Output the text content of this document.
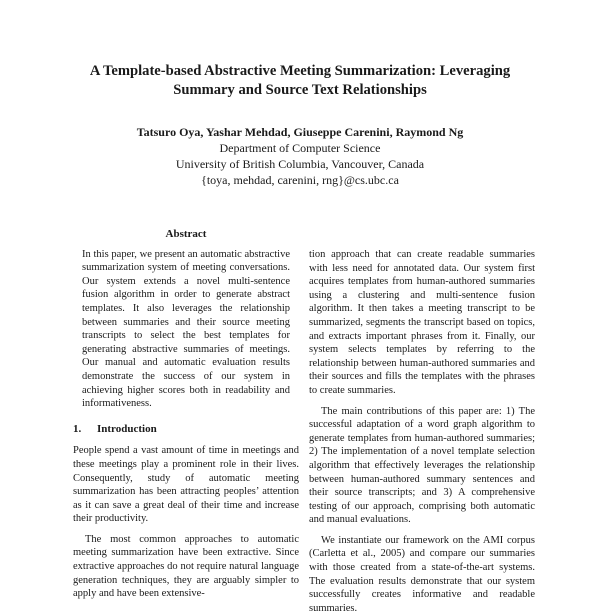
A Template-based Abstractive Meeting Summarization: Leveraging
Summary and Source Text Relationships
Tatsuro Oya, Yashar Mehdad, Giuseppe Carenini, Raymond Ng
Department of Computer Science
University of British Columbia, Vancouver, Canada
{toya, mehdad, carenini, rng}@cs.ubc.ca
Abstract

In this paper, we present an automatic abstractive summarization system of meeting conversations. Our system extends a novel multi-sentence fusion algorithm in order to generate abstract templates. It also leverages the relationship between summaries and their source meeting transcripts to select the best templates for generating abstractive summaries of meetings. Our manual and automatic evaluation results demonstrate the success of our system in achieving higher scores both in readability and informativeness.

1. Introduction

People spend a vast amount of time in meetings and these meetings play a prominent role in their lives. Consequently, study of automatic meeting summarization has been attracting peoples’ attention as it can save a great deal of their time and increase their productivity.

The most common approaches to automatic meeting summarization have been extractive. Since extractive approaches do not require natural language generation techniques, they are arguably simpler to apply and have been extensive-

tion approach that can create readable summaries with less need for annotated data. Our system first acquires templates from human-authored summaries using a clustering and multi-sentence fusion algorithm. It then takes a meeting transcript to be summarized, segments the transcript based on topics, and extracts important phrases from it. Finally, our system selects templates by referring to the relationship between human-authored summaries and their sources and fills the templates with the phrases to create summaries.

The main contributions of this paper are: 1) The successful adaptation of a word graph algorithm to generate templates from human-authored summaries; 2) The implementation of a novel template selection algorithm that effectively leverages the relationship between human-authored summary sentences and their source transcripts; and 3) A comprehensive testing of our approach, comprising both automatic and manual evaluations.

We instantiate our framework on the AMI corpus (Carletta et al., 2005) and compare our summaries with those created from a state-of-the-art systems. The evaluation results demonstrate that our system successfully creates informative and readable summaries.
